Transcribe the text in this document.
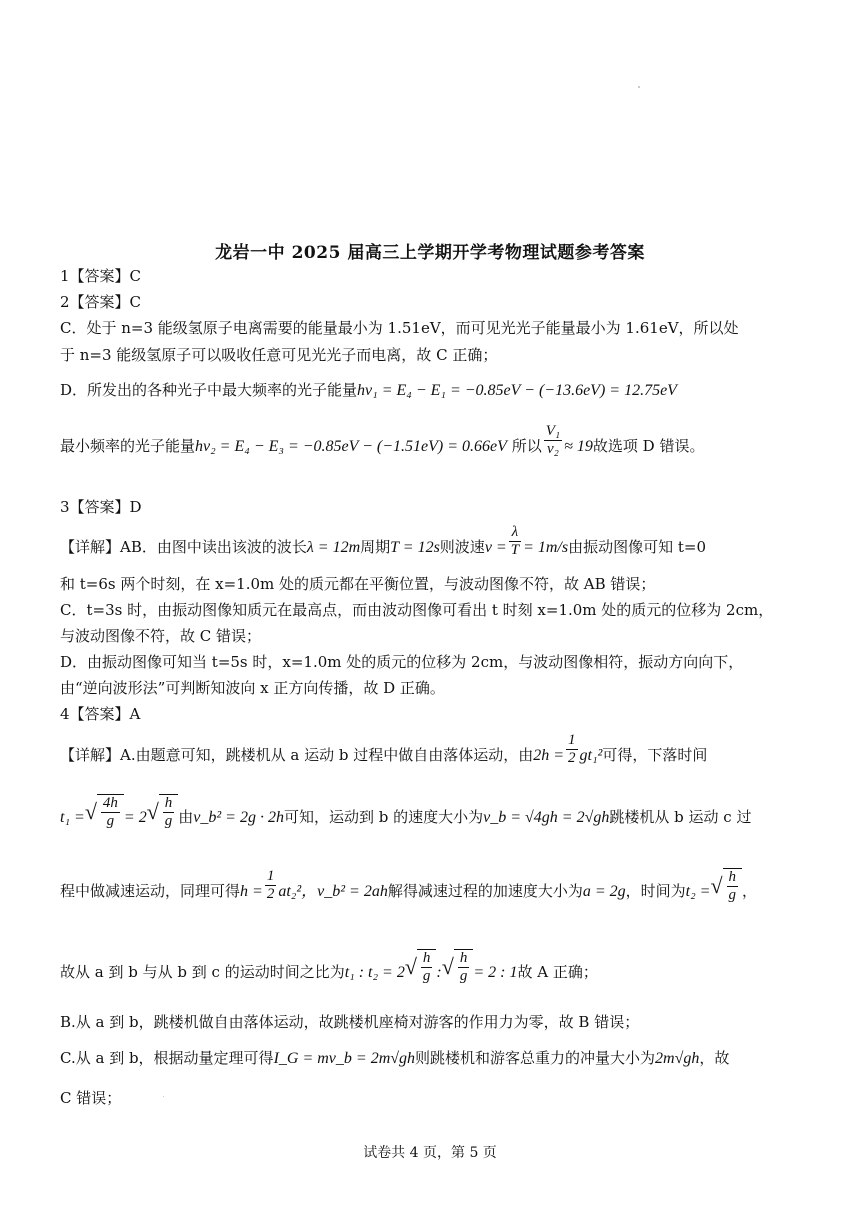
龙岩一中 2025 届高三上学期开学考物理试题参考答案
1【答案】C
2【答案】C
C．处于 n=3 能级氢原子电离需要的能量最小为 1.51eV，而可见光光子能量最小为 1.61eV，所以处
于 n=3 能级氢原子可以吸收任意可见光光子而电离，故 C 正确；
D．所发出的各种光子中最大频率的光子能量hν₁ = E₄ − E₁ = −0.85eV − (−13.6eV) = 12.75eV
最小频率的光子能量hν₂ = E₄ − E₃ = −0.85eV − (−1.51eV) = 0.66eV 所以 $\frac{\text{V₁}}{\text{ν₂}} \approx 19$故选项 D 错误。
3【答案】D
【详解】AB．由图中读出该波的波长λ = 12m周期T = 12s则波速$v = \frac{\lambda}{T} = 1m/s$由振动图像可知 t=0
和 t=6s 两个时刻，在 x=1.0m 处的质元都在平衡位置，与波动图像不符，故 AB 错误；
C．t=3s 时，由振动图像知质元在最高点，而由波动图像可看出 t 时刻 x=1.0m 处的质元的位移为 2cm，
与波动图像不符，故 C 错误；
D．由振动图像可知当 t=5s 时，x=1.0m 处的质元的位移为 2cm，与波动图像相符，振动方向向下，
由“逆向波形法”可判断知波向 x 正方向传播，故 D 正确。
4【答案】A
【详解】A.由题意可知，跳楼机从 a 运动 b 过程中做自由落体运动，由$2h = \frac{1}{2} gt_1^2$可得，下落时间
t₁ =√ $\frac{4h}{g} = 2√ \frac{h}{g}$ 由v_b² = 2g · 2h可知，运动到 b 的速度大小为v_b = √4gh = 2√gh跳楼机从 b 运动 c 过
程中做减速运动，同理可得$h = \frac{1}{2} at_2^2$，v_b² = 2ah解得减速过程的加速度大小为a = 2g，时间为t₂ =√ $\frac{h}{g}$ ，
故从 a 到 b 与从 b 到 c 的运动时间之比为t₁ : $t_2 = 2√ \frac{h}{g}$ :√ $\frac{h}{g} = 2$ : 1故 A 正确；
B.从 a 到 b，跳楼机做自由落体运动，故跳楼机座椅对游客的作用力为零，故 B 错误；
C.从 a 到 b，根据动量定理可得I_G = mv_b = 2m√gh则跳楼机和游客总重力的冲量大小为2m√gh，故
C 错误；
试卷共 4 页，第 5 页
